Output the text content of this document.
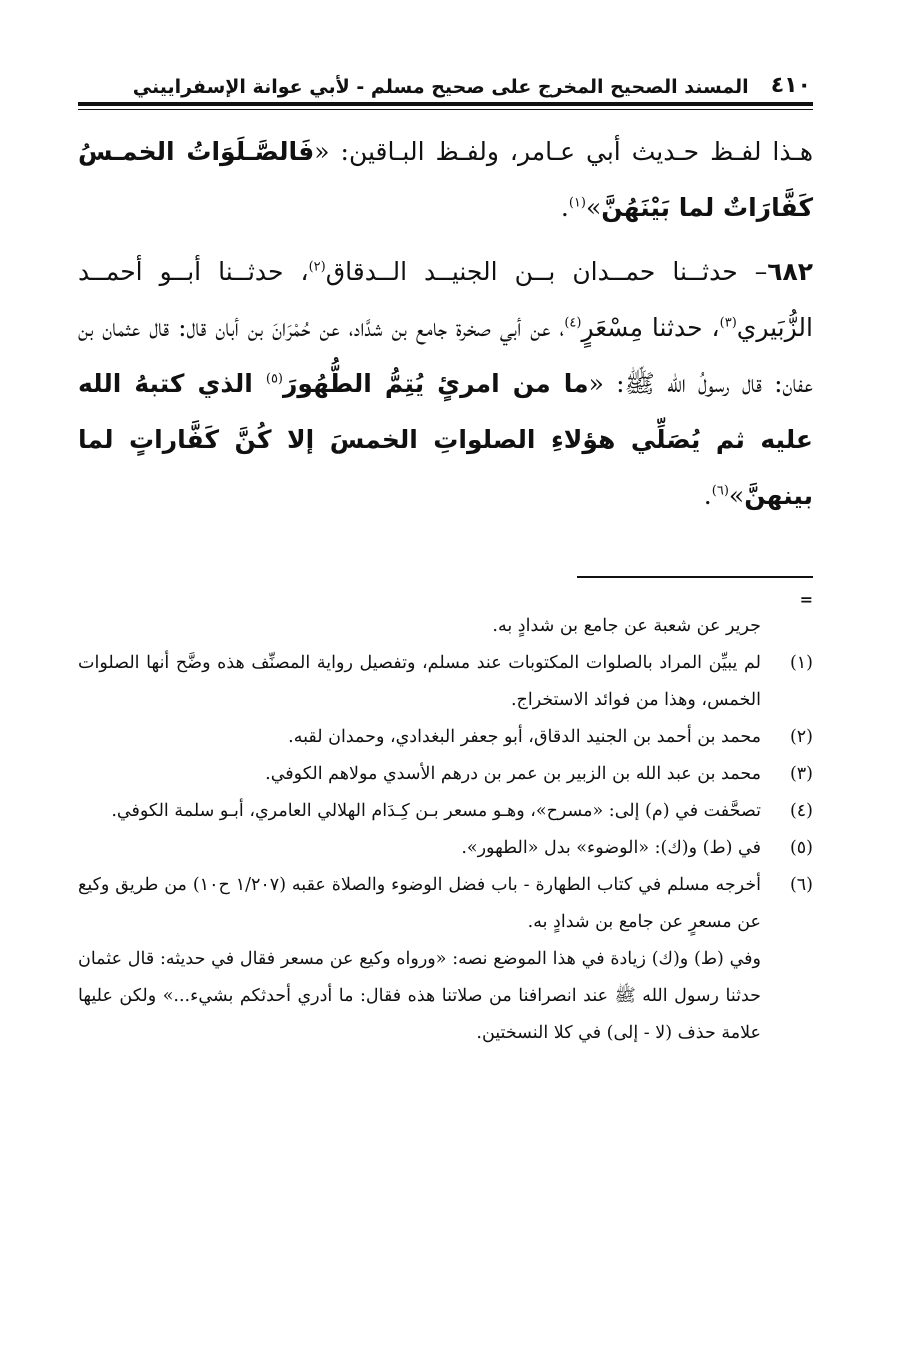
٤١٠
المسند الصحيح المخرج على صحيح مسلم - لأبي عوانة الإسفراييني

هـذا لفـظ حـديث أبي عـامر، ولفـظ البـاقين: «فَالصَّـلَوَاتُ الخمـسُ كَفَّارَاتٌ لما بَيْنَهُنَّ»$^{(١)}$.

٦٨٢– حدثــنا حمــدان بــن الجنيــد الــدقاق$^{(٢)}$، حدثــنا أبــو أحمــد الزُّبَيري$^{(٣)}$، حدثنا مِسْعَرٍ$^{(٤)}$، عن أبي صخرة جامع بن شدَّاد، عن حُمْرَانَ بن أبان قال: قال عثمان بن عفان: قال رسولُ الله ﷺ: «ما من امرئٍ يُتِمُّ الطُّهُورَ$^{(٥)}$ الذي كتبهُ الله عليه ثم يُصَلِّي هؤلاءِ الصلواتِ الخمسَ إلا كُنَّ كَفَّاراتٍ لما بينهنَّ»$^{(٦)}$.

=
جرير عن شعبة عن جامع بن شدادٍ به.
(١)
لم يبيِّن المراد بالصلوات المكتوبات عند مسلم، وتفصيل رواية المصنِّف هذه وضَّح أنها الصلوات الخمس، وهذا من فوائد الاستخراج.
(٢)
محمد بن أحمد بن الجنيد الدقاق، أبو جعفر البغدادي، وحمدان لقبه.
(٣)
محمد بن عبد الله بن الزبير بن عمر بن درهم الأسدي مولاهم الكوفي.
(٤)
تصحَّفت في (م) إلى: «مسرح»، وهـو مسعر بـن كِـدَام الهلالي العامري، أبـو سلمة الكوفي.
(٥)
في (ط) و(ك): «الوضوء» بدل «الطهور».
(٦)
أخرجه مسلم في كتاب الطهارة - باب فضل الوضوء والصلاة عقبه (١/٢٠٧ ح١٠) من طريق وكيع عن مسعرٍ عن جامع بن شدادٍ به.
وفي (ط) و(ك) زيادة في هذا الموضع نصه: «ورواه وكيع عن مسعر فقال في حديثه: قال عثمان حدثنا رسول الله ﷺ عند انصرافنا من صلاتنا هذه فقال: ما أدري أحدثكم بشيء...» ولكن عليها علامة حذف (لا - إلى) في كلا النسختين.
